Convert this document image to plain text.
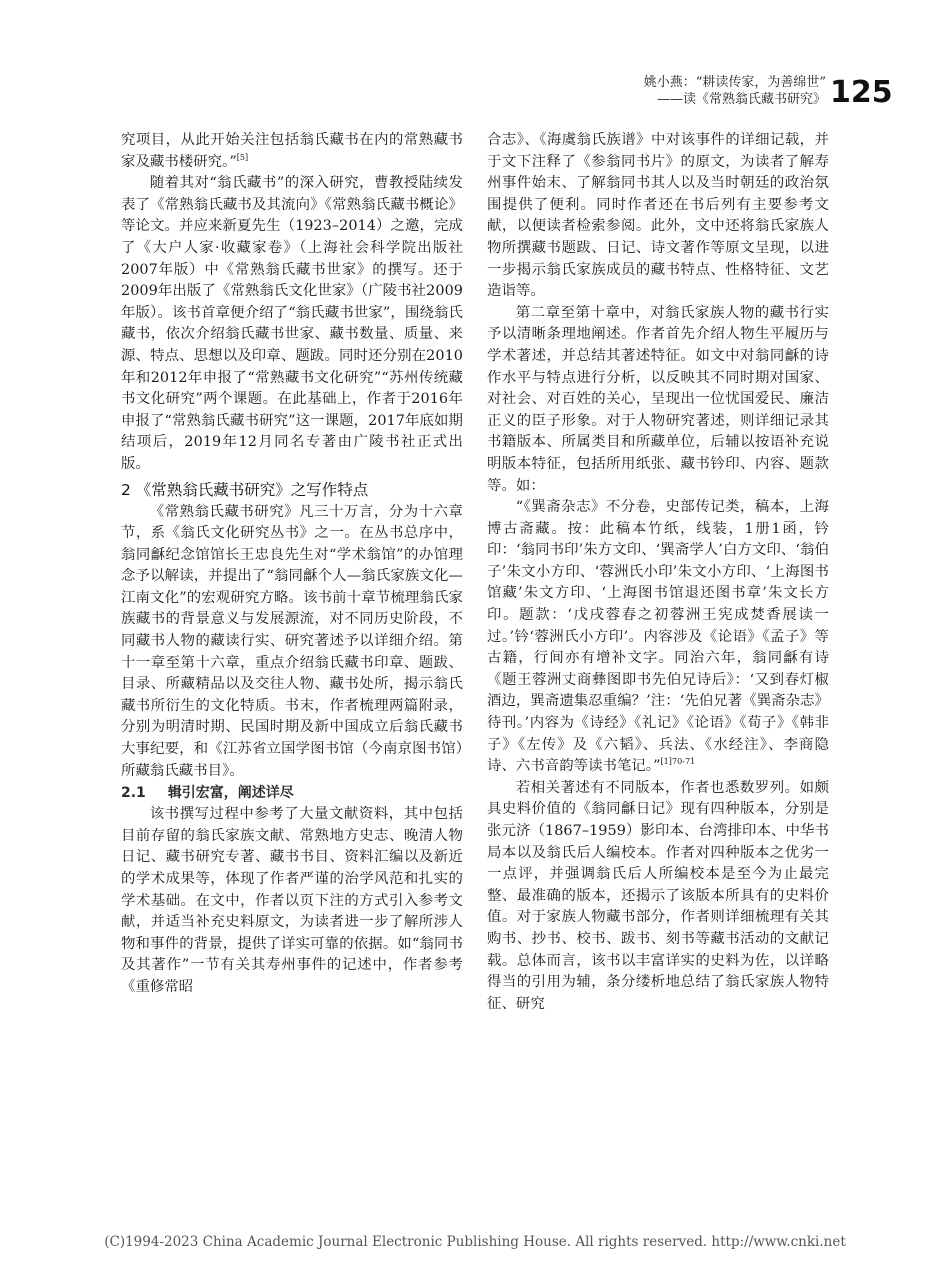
姚小燕：“耕读传家，为善绵世”
——读《常熟翁氏藏书研究》 125

究项目，从此开始关注包括翁氏藏书在内的常熟藏书家及藏书楼研究。”[5]

随着其对“翁氏藏书”的深入研究，曹教授陆续发表了《常熟翁氏藏书及其流向》《常熟翁氏藏书概论》等论文。并应来新夏先生（1923–2014）之邀，完成了《大户人家·收藏家卷》（上海社会科学院出版社2007年版）中《常熟翁氏藏书世家》的撰写。还于2009年出版了《常熟翁氏文化世家》（广陵书社2009年版）。该书首章便介绍了“翁氏藏书世家”，围绕翁氏藏书，依次介绍翁氏藏书世家、藏书数量、质量、来源、特点、思想以及印章、题跋。同时还分别在2010年和2012年申报了“常熟藏书文化研究”“苏州传统藏书文化研究”两个课题。在此基础上，作者于2016年申报了“常熟翁氏藏书研究”这一课题，2017年底如期结项后，2019年12月同名专著由广陵书社正式出版。

2 《常熟翁氏藏书研究》之写作特点

《常熟翁氏藏书研究》凡三十万言，分为十六章节，系《翁氏文化研究丛书》之一。在丛书总序中，翁同龢纪念馆馆长王忠良先生对“学术翁馆”的办馆理念予以解读，并提出了“翁同龢个人—翁氏家族文化—江南文化”的宏观研究方略。该书前十章节梳理翁氏家族藏书的背景意义与发展源流，对不同历史阶段，不同藏书人物的藏读行实、研究著述予以详细介绍。第十一章至第十六章，重点介绍翁氏藏书印章、题跋、目录、所藏精品以及交往人物、藏书处所，揭示翁氏藏书所衍生的文化特质。书末，作者梳理两篇附录，分别为明清时期、民国时期及新中国成立后翁氏藏书大事纪要，和《江苏省立国学图书馆（今南京图书馆）所藏翁氏藏书目》。

2.1 辑引宏富，阐述详尽

该书撰写过程中参考了大量文献资料，其中包括目前存留的翁氏家族文献、常熟地方史志、晚清人物日记、藏书研究专著、藏书书目、资料汇编以及新近的学术成果等，体现了作者严谨的治学风范和扎实的学术基础。在文中，作者以页下注的方式引入参考文献，并适当补充史料原文，为读者进一步了解所涉人物和事件的背景，提供了详实可靠的依据。如“翁同书及其著作”一节有关其寿州事件的记述中，作者参考《重修常昭

合志》、《海虞翁氏族谱》中对该事件的详细记载，并于文下注释了《参翁同书片》的原文，为读者了解寿州事件始末、了解翁同书其人以及当时朝廷的政治氛围提供了便利。同时作者还在书后列有主要参考文献，以便读者检索参阅。此外，文中还将翁氏家族人物所撰藏书题跋、日记、诗文著作等原文呈现，以进一步揭示翁氏家族成员的藏书特点、性格特征、文艺造诣等。

第二章至第十章中，对翁氏家族人物的藏书行实予以清晰条理地阐述。作者首先介绍人物生平履历与学术著述，并总结其著述特征。如文中对翁同龢的诗作水平与特点进行分析，以反映其不同时期对国家、对社会、对百姓的关心，呈现出一位忧国爱民、廉洁正义的臣子形象。对于人物研究著述，则详细记录其书籍版本、所属类目和所藏单位，后辅以按语补充说明版本特征，包括所用纸张、藏书钤印、内容、题款等。如：

“《巽斋杂志》不分卷，史部传记类，稿本，上海博古斋藏。按：此稿本竹纸，线装，1册1函，钤印：‘翁同书印’朱方文印、‘巽斋学人’白方文印、‘翁伯子’朱文小方印、‘蓉洲氏小印’朱文小方印、‘上海图书馆藏’朱文方印、‘上海图书馆退还图书章’朱文长方印。题款：‘戊戌蓉春之初蓉洲王宪成焚香展读一过。’钤‘蓉洲氏小方印’。内容涉及《论语》《孟子》等古籍，行间亦有增补文字。同治六年，翁同龢有诗《题王蓉洲丈商彝图即书先伯兄诗后》：‘又到春灯椒酒边，巽斋遗集忍重编？’注：‘先伯兄著《巽斋杂志》待刊。’内容为《诗经》《礼记》《论语》《荀子》《韩非子》《左传》及《六韬》、兵法、《水经注》、李商隐诗、六书音韵等读书笔记。”$^{[1]70-71}$

若相关著述有不同版本，作者也悉数罗列。如颇具史料价值的《翁同龢日记》现有四种版本，分别是张元济（1867–1959）影印本、台湾排印本、中华书局本以及翁氏后人编校本。作者对四种版本之优劣一一点评，并强调翁氏后人所编校本是至今为止最完整、最准确的版本，还揭示了该版本所具有的史料价值。对于家族人物藏书部分，作者则详细梳理有关其购书、抄书、校书、跋书、刻书等藏书活动的文献记载。总体而言，该书以丰富详实的史料为佐，以详略得当的引用为辅，条分缕析地总结了翁氏家族人物特征、研究

(C)1994-2023 China Academic Journal Electronic Publishing House. All rights reserved. http://www.cnki.net
